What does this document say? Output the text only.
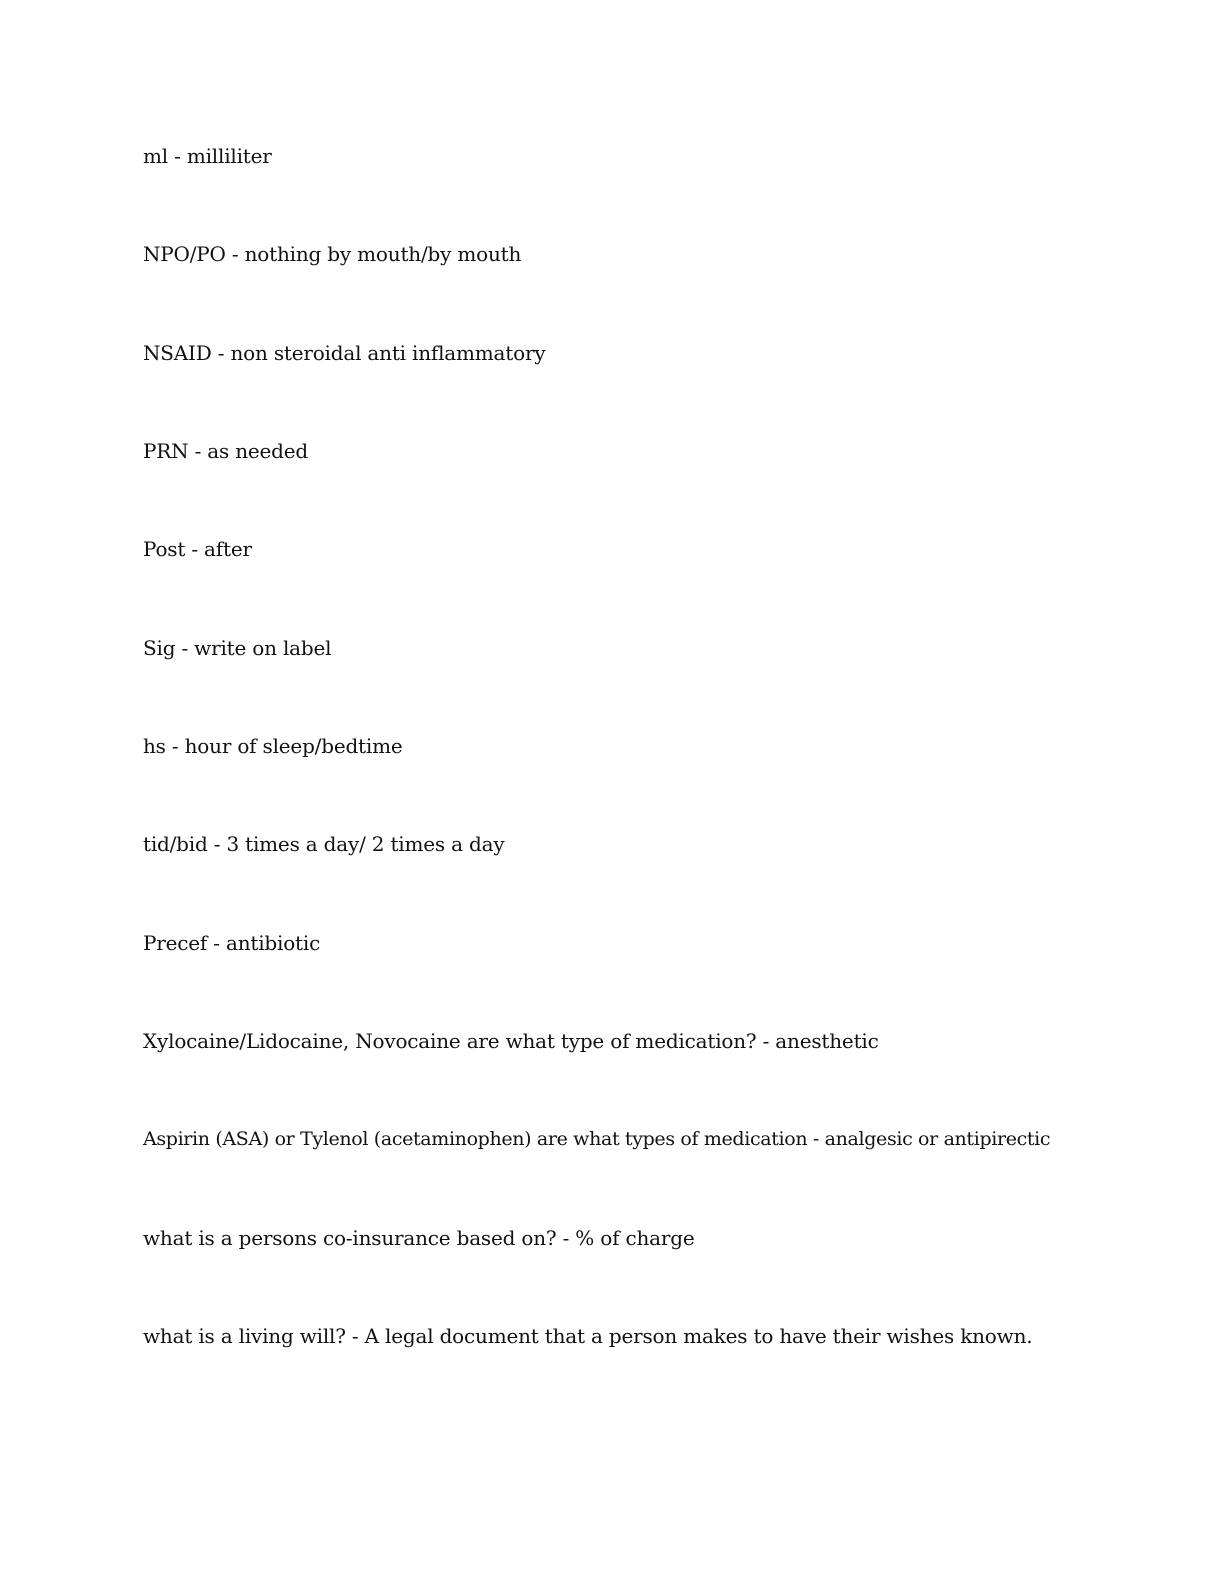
ml - milliliter
NPO/PO - nothing by mouth/by mouth
NSAID - non steroidal anti inflammatory
PRN - as needed
Post - after
Sig - write on label
hs - hour of sleep/bedtime
tid/bid - 3 times a day/ 2 times a day
Precef - antibiotic
Xylocaine/Lidocaine, Novocaine are what type of medication? - anesthetic
Aspirin (ASA) or Tylenol (acetaminophen) are what types of medication - analgesic or antipirectic
what is a persons co-insurance based on? - % of charge
what is a living will? - A legal document that a person makes to have their wishes known.
